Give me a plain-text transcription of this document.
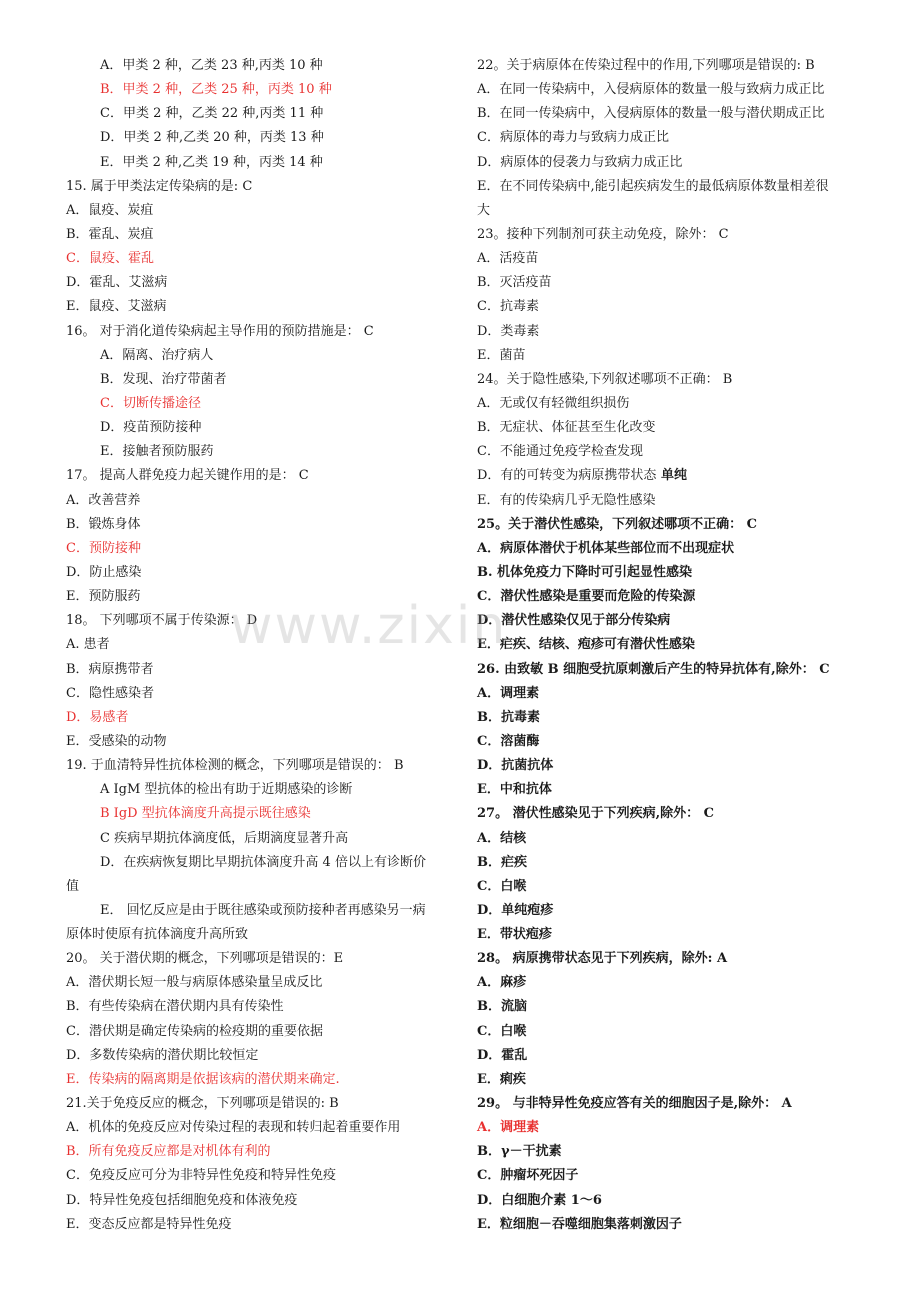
A．甲类 2 种，乙类 23 种,丙类 10 种
B．甲类 2 种，乙类 25 种，丙类 10 种
C．甲类 2 种，乙类 22 种,丙类 11 种
D．甲类 2 种,乙类 20 种，丙类 13 种
E．甲类 2 种,乙类 19 种，丙类 14 种
15. 属于甲类法定传染病的是: C
A．鼠疫、炭疽
B．霍乱、炭疽
C．鼠疫、霍乱
D．霍乱、艾滋病
E．鼠疫、艾滋病
16。 对于消化道传染病起主导作用的预防措施是： C
A．隔离、治疗病人
B．发现、治疗带菌者
C．切断传播途径
D．疫苗预防接种
E．接触者预防服药
17。 提高人群免疫力起关键作用的是： C
A．改善营养
B．锻炼身体
C．预防接种
D．防止感染
E．预防服药
18。 下列哪项不属于传染源： D
A. 患者
B．病原携带者
C．隐性感染者
D．易感者
E．受感染的动物
19. 于血清特异性抗体检测的概念，下列哪项是错误的： B
A IgM 型抗体的检出有助于近期感染的诊断
B IgD 型抗体滴度升高提示既往感染
C 疾病早期抗体滴度低，后期滴度显著升高
D．在疾病恢复期比早期抗体滴度升高 4 倍以上有诊断价
值
E． 回忆反应是由于既往感染或预防接种者再感染另一病
原体时使原有抗体滴度升高所致
20。 关于潜伏期的概念，下列哪项是错误的：E
A．潜伏期长短一般与病原体感染量呈成反比
B．有些传染病在潜伏期内具有传染性
C．潜伏期是确定传染病的检疫期的重要依据
D．多数传染病的潜伏期比较恒定
E．传染病的隔离期是依据该病的潜伏期来确定.
21.关于免疫反应的概念，下列哪项是错误的: B
A．机体的免疫反应对传染过程的表现和转归起着重要作用
B．所有免疫反应都是对机体有利的
C．免疫反应可分为非特异性免疫和特异性免疫
D．特异性免疫包括细胞免疫和体液免疫
E．变态反应都是特异性免疫
22。关于病原体在传染过程中的作用,下列哪项是错误的: B
A．在同一传染病中，入侵病原体的数量一般与致病力成正比
B．在同一传染病中，入侵病原体的数量一般与潜伏期成正比
C．病原体的毒力与致病力成正比
D．病原体的侵袭力与致病力成正比
E．在不同传染病中,能引起疾病发生的最低病原体数量相差很
大
23。接种下列制剂可获主动免疫，除外： C
A．活疫苗
B．灭活疫苗
C．抗毒素
D．类毒素
E．菌苗
24。关于隐性感染,下列叙述哪项不正确： B
A．无或仅有轻微组织损伤
B．无症状、体征甚至生化改变
C．不能通过免疫学检查发现
D．有的可转变为病原携带状态 单纯
E．有的传染病几乎无隐性感染
25。关于潜伏性感染，下列叙述哪项不正确： C
A．病原体潜伏于机体某些部位而不出现症状
B. 机体免疫力下降时可引起显性感染
C．潜伏性感染是重要而危险的传染源
D．潜伏性感染仅见于部分传染病
E．疟疾、结核、疱疹可有潜伏性感染
26. 由致敏 B 细胞受抗原刺激后产生的特异抗体有,除外： C
A．调理素
B．抗毒素
C．溶菌酶
D．抗菌抗体
E．中和抗体
27。 潜伏性感染见于下列疾病,除外： C
A．结核
B．疟疾
C．白喉
D．单纯疱疹
E．带状疱疹
28。 病原携带状态见于下列疾病，除外: A
A．麻疹
B．流脑
C．白喉
D．霍乱
E．痢疾
29。 与非特异性免疫应答有关的细胞因子是,除外： A
A．调理素
B．γ－干扰素
C．肿瘤坏死因子
D．白细胞介素 1～6
E．粒细胞－吞噬细胞集落刺激因子
www.zixin
